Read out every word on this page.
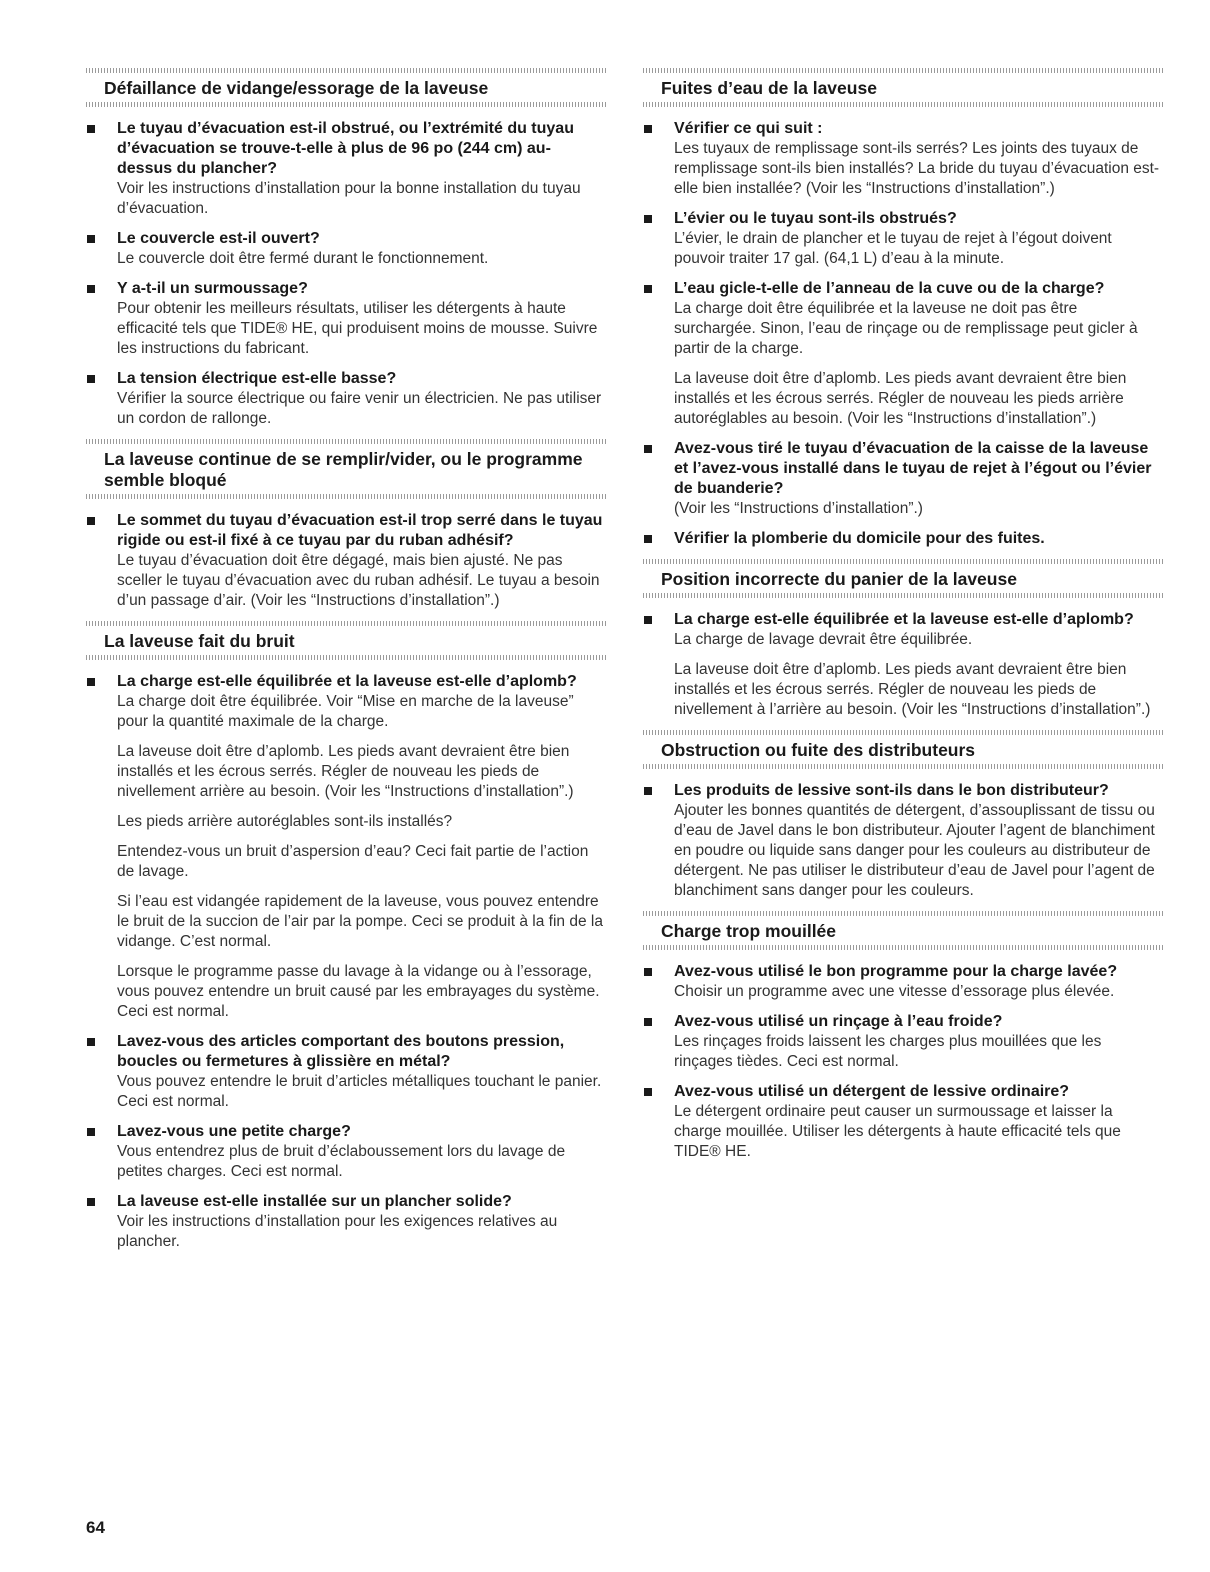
Défaillance de vidange/essorage de la laveuse
Le tuyau d’évacuation est-il obstrué, ou l’extrémité du tuyau d’évacuation se trouve-t-elle à plus de 96 po (244 cm) au-dessus du plancher?
Voir les instructions d’installation pour la bonne installation du tuyau d’évacuation.
Le couvercle est-il ouvert?
Le couvercle doit être fermé durant le fonctionnement.
Y a-t-il un surmoussage?
Pour obtenir les meilleurs résultats, utiliser les détergents à haute efficacité tels que TIDE® HE, qui produisent moins de mousse. Suivre les instructions du fabricant.
La tension électrique est-elle basse?
Vérifier la source électrique ou faire venir un électricien. Ne pas utiliser un cordon de rallonge.
La laveuse continue de se remplir/vider, ou le programme semble bloqué
Le sommet du tuyau d’évacuation est-il trop serré dans le tuyau rigide ou est-il fixé à ce tuyau par du ruban adhésif?
Le tuyau d’évacuation doit être dégagé, mais bien ajusté. Ne pas sceller le tuyau d’évacuation avec du ruban adhésif. Le tuyau a besoin d’un passage d’air. (Voir les “Instructions d’installation”.)
La laveuse fait du bruit
La charge est-elle équilibrée et la laveuse est-elle d’aplomb?
La charge doit être équilibrée. Voir “Mise en marche de la laveuse” pour la quantité maximale de la charge.
La laveuse doit être d’aplomb. Les pieds avant devraient être bien installés et les écrous serrés. Régler de nouveau les pieds de nivellement arrière au besoin. (Voir les “Instructions d’installation”.)
Les pieds arrière autoréglables sont-ils installés?
Entendez-vous un bruit d’aspersion d’eau? Ceci fait partie de l’action de lavage.
Si l’eau est vidangée rapidement de la laveuse, vous pouvez entendre le bruit de la succion de l’air par la pompe. Ceci se produit à la fin de la vidange. C’est normal.
Lorsque le programme passe du lavage à la vidange ou à l’essorage, vous pouvez entendre un bruit causé par les embrayages du système. Ceci est normal.
Lavez-vous des articles comportant des boutons pression, boucles ou fermetures à glissière en métal?
Vous pouvez entendre le bruit d’articles métalliques touchant le panier. Ceci est normal.
Lavez-vous une petite charge?
Vous entendrez plus de bruit d’éclaboussement lors du lavage de petites charges. Ceci est normal.
La laveuse est-elle installée sur un plancher solide?
Voir les instructions d’installation pour les exigences relatives au plancher.
Fuites d’eau de la laveuse
Vérifier ce qui suit :
Les tuyaux de remplissage sont-ils serrés? Les joints des tuyaux de remplissage sont-ils bien installés? La bride du tuyau d’évacuation est-elle bien installée? (Voir les “Instructions d’installation”.)
L’évier ou le tuyau sont-ils obstrués?
L’évier, le drain de plancher et le tuyau de rejet à l’égout doivent pouvoir traiter 17 gal. (64,1 L) d’eau à la minute.
L’eau gicle-t-elle de l’anneau de la cuve ou de la charge?
La charge doit être équilibrée et la laveuse ne doit pas être surchargée. Sinon, l’eau de rinçage ou de remplissage peut gicler à partir de la charge.
La laveuse doit être d’aplomb. Les pieds avant devraient être bien installés et les écrous serrés. Régler de nouveau les pieds arrière autoréglables au besoin. (Voir les “Instructions d’installation”.)
Avez-vous tiré le tuyau d’évacuation de la caisse de la laveuse et l’avez-vous installé dans le tuyau de rejet à l’égout ou l’évier de buanderie?
(Voir les “Instructions d’installation”.)
Vérifier la plomberie du domicile pour des fuites.
Position incorrecte du panier de la laveuse
La charge est-elle équilibrée et la laveuse est-elle d’aplomb?
La charge de lavage devrait être équilibrée.
La laveuse doit être d’aplomb. Les pieds avant devraient être bien installés et les écrous serrés. Régler de nouveau les pieds de nivellement à l’arrière au besoin. (Voir les “Instructions d’installation”.)
Obstruction ou fuite des distributeurs
Les produits de lessive sont-ils dans le bon distributeur?
Ajouter les bonnes quantités de détergent, d’assouplissant de tissu ou d’eau de Javel dans le bon distributeur. Ajouter l’agent de blanchiment en poudre ou liquide sans danger pour les couleurs au distributeur de détergent. Ne pas utiliser le distributeur d’eau de Javel pour l’agent de blanchiment sans danger pour les couleurs.
Charge trop mouillée
Avez-vous utilisé le bon programme pour la charge lavée?
Choisir un programme avec une vitesse d’essorage plus élevée.
Avez-vous utilisé un rinçage à l’eau froide?
Les rinçages froids laissent les charges plus mouillées que les rinçages tièdes. Ceci est normal.
Avez-vous utilisé un détergent de lessive ordinaire?
Le détergent ordinaire peut causer un surmoussage et laisser la charge mouillée. Utiliser les détergents à haute efficacité tels que TIDE® HE.
64
